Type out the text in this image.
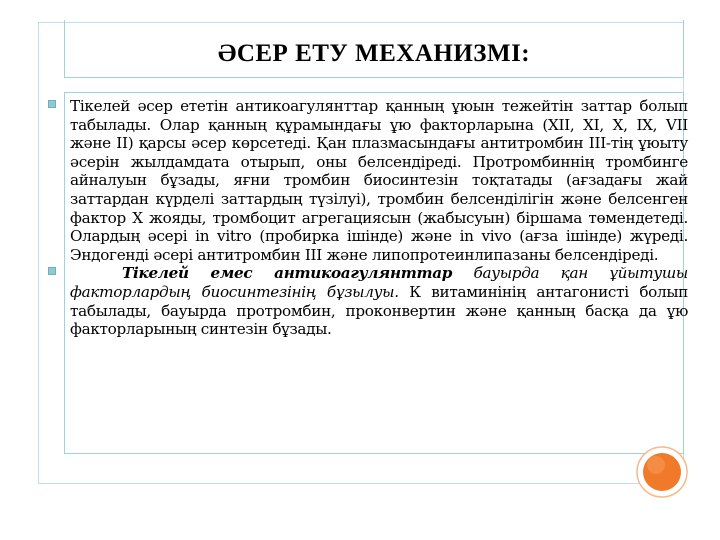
ӘСЕР ЕТУ МЕХАНИЗМІ:

Тікелей әсер ететін антикоагулянттар қанның ұюын тежейтін заттар болып табылады. Олар қанның құрамындағы ұю факторларына (XII, XI, X, IX, VII және II) қарсы әсер көрсетеді. Қан плазмасындағы антитромбин III-тің ұюыту әсерін жылдамдата отырып, оны белсендіреді. Протромбиннің тромбинге айналуын бұзады, яғни тромбин биосинтезін тоқтатады (ағзадағы жай заттардан күрделі заттардың түзілуі), тромбин белсенділігін және белсенген фактор X жояды, тромбоцит агрегациясын (жабысуын) біршама төмендетеді. Олардың әсері in vitro (пробирка ішінде) және in vivo (ағза ішінде) жүреді. Эндогенді әсері антитромбин III және липопротеинлипазаны белсендіреді.

Тікелей емес антикоагулянттар бауырда қан ұйытушы факторлардың биосинтезінің бұзылуы. К витаминінің антагонисті болып табылады, бауырда протромбин, проконвертин және қанның басқа да ұю факторларының синтезін бұзады.
